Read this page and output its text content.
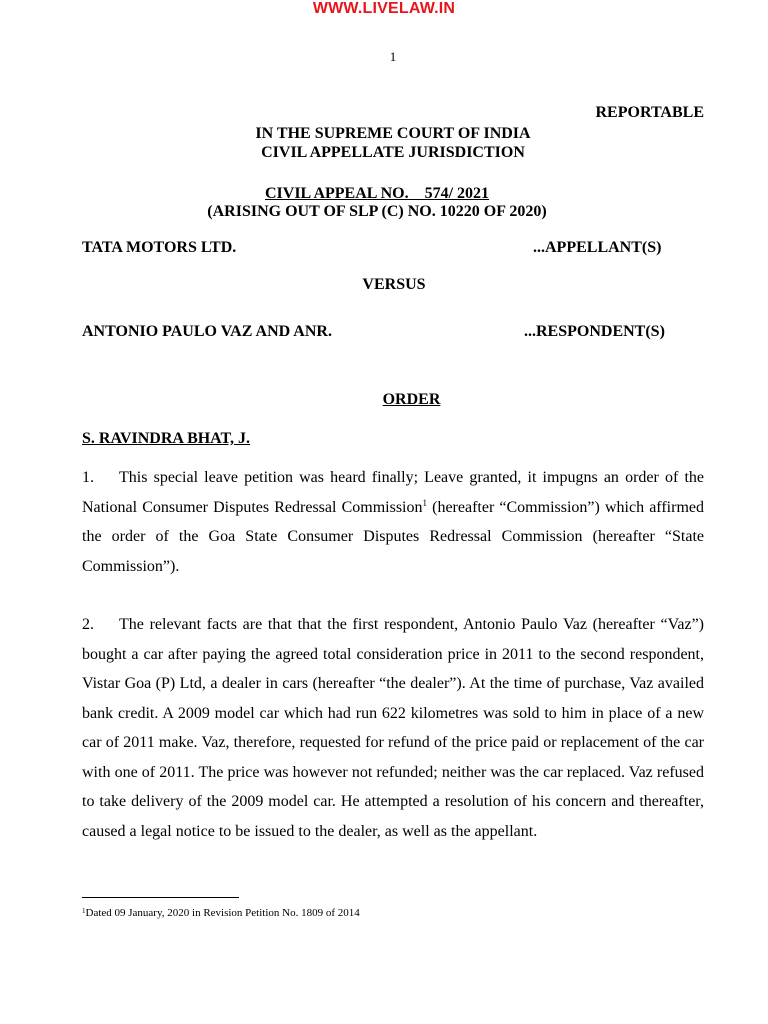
WWW.LIVELAW.IN
1
REPORTABLE
IN THE SUPREME COURT OF INDIA
CIVIL APPELLATE JURISDICTION
CIVIL APPEAL NO.    574/ 2021
(ARISING OUT OF SLP (C) NO. 10220 OF 2020)
TATA MOTORS LTD.	...APPELLANT(S)
VERSUS
ANTONIO PAULO VAZ AND ANR.	...RESPONDENT(S)
ORDER
S. RAVINDRA BHAT, J.
1. This special leave petition was heard finally; Leave granted, it impugns an order of the National Consumer Disputes Redressal Commission$^1$ (hereafter “Commission”) which affirmed the order of the Goa State Consumer Disputes Redressal Commission (hereafter “State Commission”).
2. The relevant facts are that that the first respondent, Antonio Paulo Vaz (hereafter “Vaz”) bought a car after paying the agreed total consideration price in 2011 to the second respondent, Vistar Goa (P) Ltd, a dealer in cars (hereafter “the dealer”). At the time of purchase, Vaz availed bank credit. A 2009 model car which had run 622 kilometres was sold to him in place of a new car of 2011 make. Vaz, therefore, requested for refund of the price paid or replacement of the car with one of 2011. The price was however not refunded; neither was the car replaced. Vaz refused to take delivery of the 2009 model car. He attempted a resolution of his concern and thereafter, caused a legal notice to be issued to the dealer, as well as the appellant.
$^1$Dated 09 January, 2020 in Revision Petition No. 1809 of 2014
